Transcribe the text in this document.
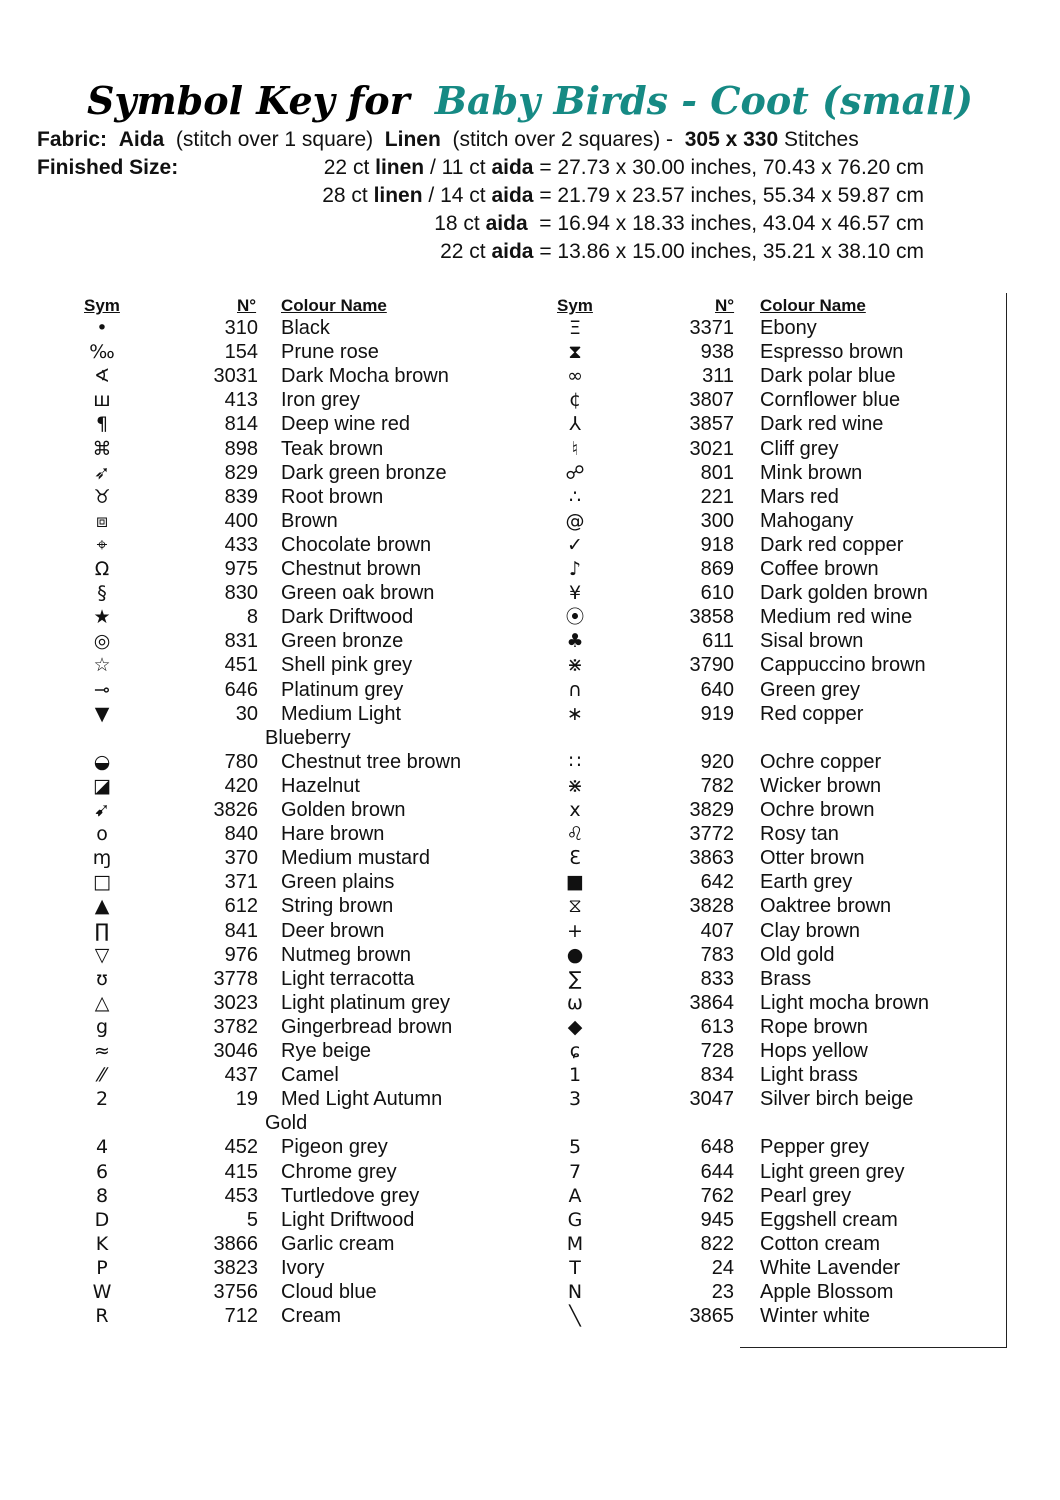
Symbol Key for Baby Birds - Coot (small)
Fabric: Aida (stitch over 1 square) Linen (stitch over 2 squares) - 305 x 330 Stitches
Finished Size:	22 ct linen / 11 ct aida = 27.73 x 30.00 inches, 70.43 x 76.20 cm
28 ct linen / 14 ct aida = 21.79 x 23.57 inches, 55.34 x 59.87 cm
18 ct aida  = 16.94 x 18.33 inches, 43.04 x 46.57 cm
22 ct aida = 13.86 x 15.00 inches, 35.21 x 38.10 cm
Sym	N° Colour Name	Sym	N° Colour Name
•	310 Black
‰	154 Prune rose
∢	3031 Dark Mocha brown
ш	413 Iron grey
¶	814 Deep wine red
⌘	898 Teak brown
➶	829 Dark green bronze
♉	839 Root brown
⧈	400 Brown
⌖	433 Chocolate brown
Ω	975 Chestnut brown
§	830 Green oak brown
★	8 Dark Driftwood
◎	831 Green bronze
☆	451 Shell pink grey
⊸	646 Platinum grey
▼	30 Medium Light
Blueberry
◒	780 Chestnut tree brown
◪	420 Hazelnut
➹	3826 Golden brown
o	840 Hare brown
ɱ	370 Medium mustard
□	371 Green plains
▲	612 String brown
∏	841 Deer brown
▽	976 Nutmeg brown
ʊ	3778 Light terracotta
△	3023 Light platinum grey
g	3782 Gingerbread brown
≈	3046 Rye beige
⁄⁄	437 Camel
2	19 Med Light Autumn
Gold
4	452 Pigeon grey
6	415 Chrome grey
8	453 Turtledove grey
D	5 Light Driftwood
K	3866 Garlic cream
P	3823 Ivory
W	3756 Cloud blue
R	712 Cream
Ξ	3371 Ebony
⧗	938 Espresso brown
∞	311 Dark polar blue
¢	3807 Cornflower blue
⅄	3857 Dark red wine
♮	3021 Cliff grey
☍	801 Mink brown
∴	221 Mars red
@	300 Mahogany
✓	918 Dark red copper
♪	869 Coffee brown
¥	610 Dark golden brown
⦿	3858 Medium red wine
♣	611 Sisal brown
⋇	3790 Cappuccino brown
∩	640 Green grey
∗	919 Red copper
∷	920 Ochre copper
⋇	782 Wicker brown
x	3829 Ochre brown
♌	3772 Rosy tan
ℇ	3863 Otter brown
■	642 Earth grey
⧖	3828 Oaktree brown
+	407 Clay brown
●	783 Old gold
∑	833 Brass
ω	3864 Light mocha brown
◆	613 Rope brown
ɕ	728 Hops yellow
1	834 Light brass
3	3047 Silver birch beige
5	648 Pepper grey
7	644 Light green grey
A	762 Pearl grey
G	945 Eggshell cream
M	822 Cotton cream
T	24 White Lavender
N	23 Apple Blossom
╲	3865 Winter white
